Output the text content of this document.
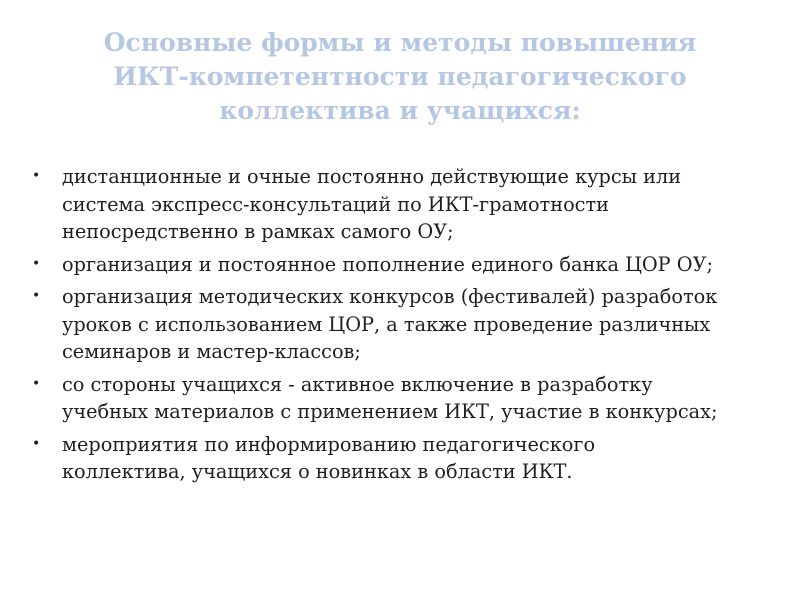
Основные формы и методы повышения
ИКТ-компетентности педагогического
коллектива и учащихся:
• дистанционные и очные постоянно действующие курсы или
система экспресс-консультаций по ИКТ-грамотности
непосредственно в рамках самого ОУ;
• организация и постоянное пополнение единого банка ЦОР ОУ;
• организация методических конкурсов (фестивалей) разработок
уроков с использованием ЦОР, а также проведение различных
семинаров и мастер-классов;
• со стороны учащихся - активное включение в разработку
учебных материалов с применением ИКТ, участие в конкурсах;
• мероприятия по информированию педагогического
коллектива, учащихся о новинках в области ИКТ.
